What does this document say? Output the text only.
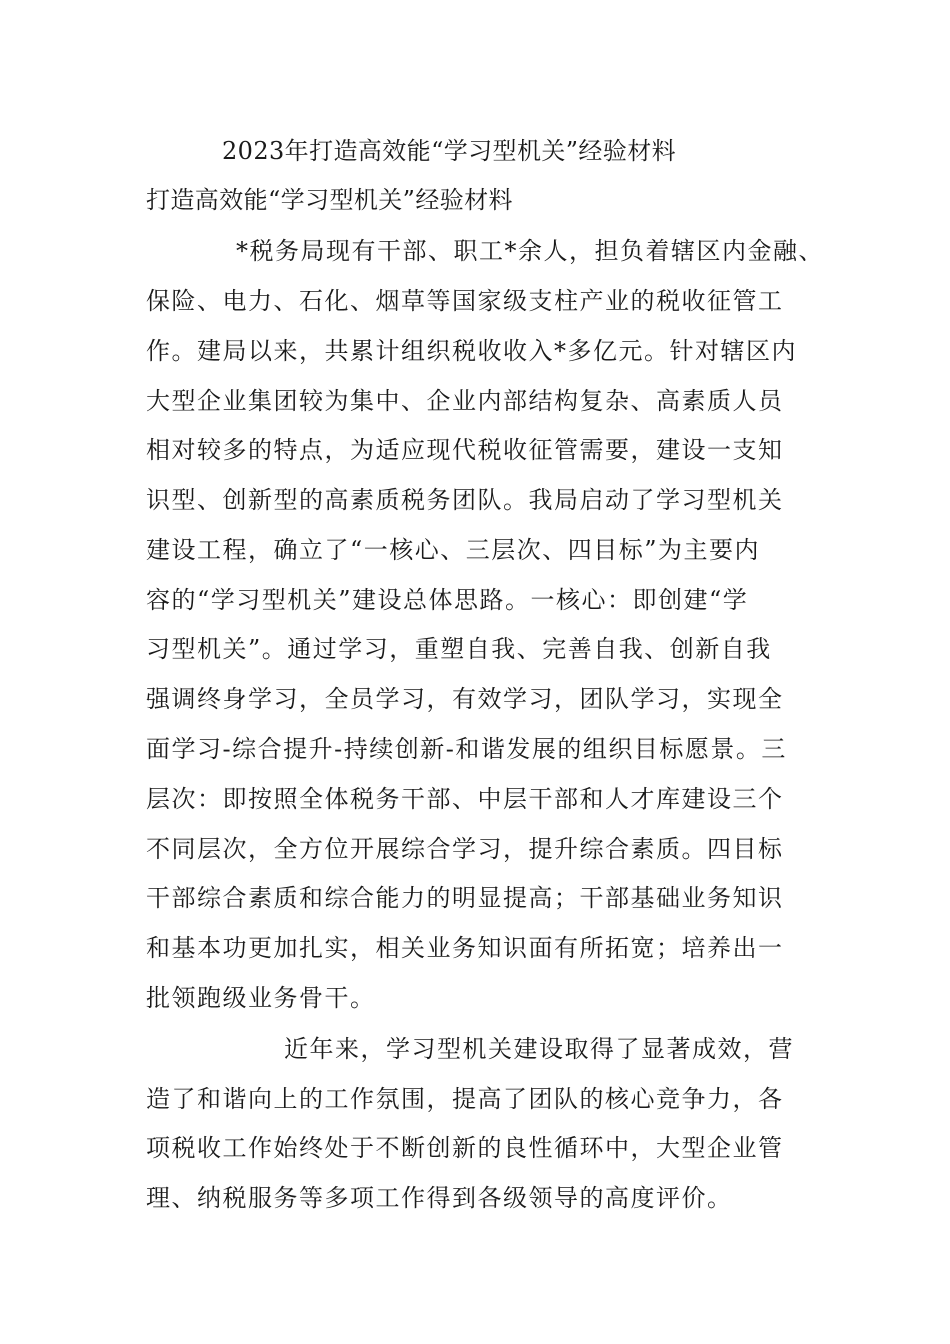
2023年打造高效能“学习型机关”经验材料
打造高效能“学习型机关”经验材料
*税务局现有干部、职工*余人，担负着辖区内金融、
保险、电力、石化、烟草等国家级支柱产业的税收征管工
作。建局以来，共累计组织税收收入*多亿元。针对辖区内
大型企业集团较为集中、企业内部结构复杂、高素质人员
相对较多的特点，为适应现代税收征管需要，建设一支知
识型、创新型的高素质税务团队。我局启动了学习型机关
建设工程，确立了“一核心、三层次、四目标”为主要内
容的“学习型机关”建设总体思路。一核心：即创建“学
习型机关”。通过学习，重塑自我、完善自我、创新自我
强调终身学习，全员学习，有效学习，团队学习，实现全
面学习-综合提升-持续创新-和谐发展的组织目标愿景。三
层次：即按照全体税务干部、中层干部和人才库建设三个
不同层次，全方位开展综合学习，提升综合素质。四目标
干部综合素质和综合能力的明显提高；干部基础业务知识
和基本功更加扎实，相关业务知识面有所拓宽；培养出一
批领跑级业务骨干。
近年来，学习型机关建设取得了显著成效，营
造了和谐向上的工作氛围，提高了团队的核心竞争力，各
项税收工作始终处于不断创新的良性循环中，大型企业管
理、纳税服务等多项工作得到各级领导的高度评价。
